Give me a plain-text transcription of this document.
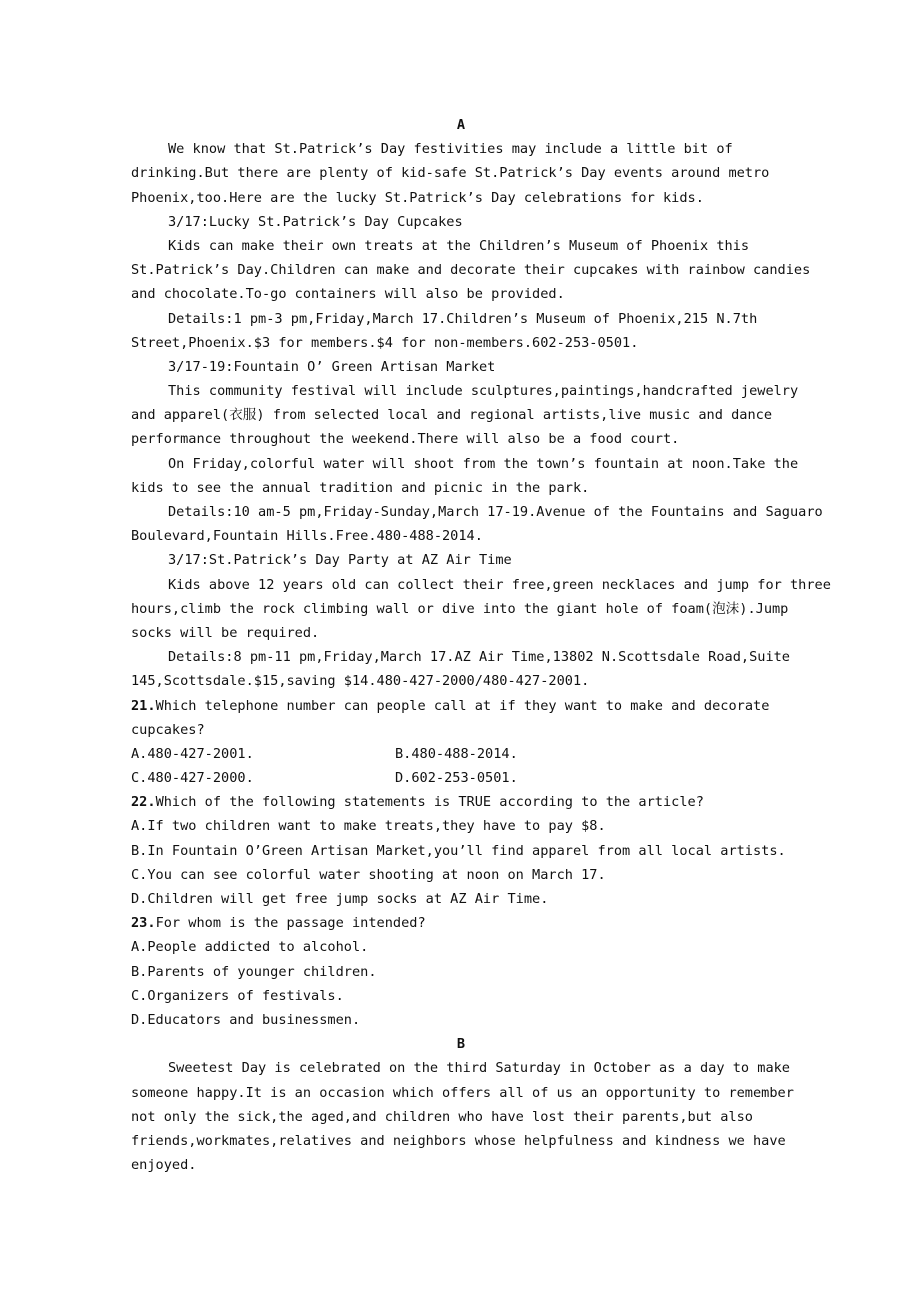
A
We know that St.Patrick’s Day festivities may include a little bit of
drinking.But there are plenty of kid-safe St.Patrick’s Day events around metro
Phoenix,too.Here are the lucky St.Patrick’s Day celebrations for kids.
3/17:Lucky St.Patrick’s Day Cupcakes
Kids can make their own treats at the Children’s Museum of Phoenix this
St.Patrick’s Day.Children can make and decorate their cupcakes with rainbow candies
and chocolate.To-go containers will also be provided.
Details:1 pm-3 pm,Friday,March 17.Children’s Museum of Phoenix,215 N.7th
Street,Phoenix.$3 for members.$4 for non-members.602-253-0501.
3/17-19:Fountain O’ Green Artisan Market
This community festival will include sculptures,paintings,handcrafted jewelry
and apparel(衣服) from selected local and regional artists,live music and dance
performance throughout the weekend.There will also be a food court.
On Friday,colorful water will shoot from the town’s fountain at noon.Take the
kids to see the annual tradition and picnic in the park.
Details:10 am-5 pm,Friday-Sunday,March 17-19.Avenue of the Fountains and Saguaro
Boulevard,Fountain Hills.Free.480-488-2014.
3/17:St.Patrick’s Day Party at AZ Air Time
Kids above 12 years old can collect their free,green necklaces and jump for three
hours,climb the rock climbing wall or dive into the giant hole of foam(泡沫).Jump
socks will be required.
Details:8 pm-11 pm,Friday,March 17.AZ Air Time,13802 N.Scottsdale Road,Suite
145,Scottsdale.$15,saving $14.480-427-2000/480-427-2001.
21.Which telephone number can people call at if they want to make and decorate
cupcakes?
A.480-427-2001.	B.480-488-2014.
C.480-427-2000.	D.602-253-0501.
22.Which of the following statements is TRUE according to the article?
A.If two children want to make treats,they have to pay $8.
B.In Fountain O’Green Artisan Market,you’ll find apparel from all local artists.
C.You can see colorful water shooting at noon on March 17.
D.Children will get free jump socks at AZ Air Time.
23.For whom is the passage intended?
A.People addicted to alcohol.
B.Parents of younger children.
C.Organizers of festivals.
D.Educators and businessmen.
B
Sweetest Day is celebrated on the third Saturday in October as a day to make
someone happy.It is an occasion which offers all of us an opportunity to remember
not only the sick,the aged,and children who have lost their parents,but also
friends,workmates,relatives and neighbors whose helpfulness and kindness we have
enjoyed.
